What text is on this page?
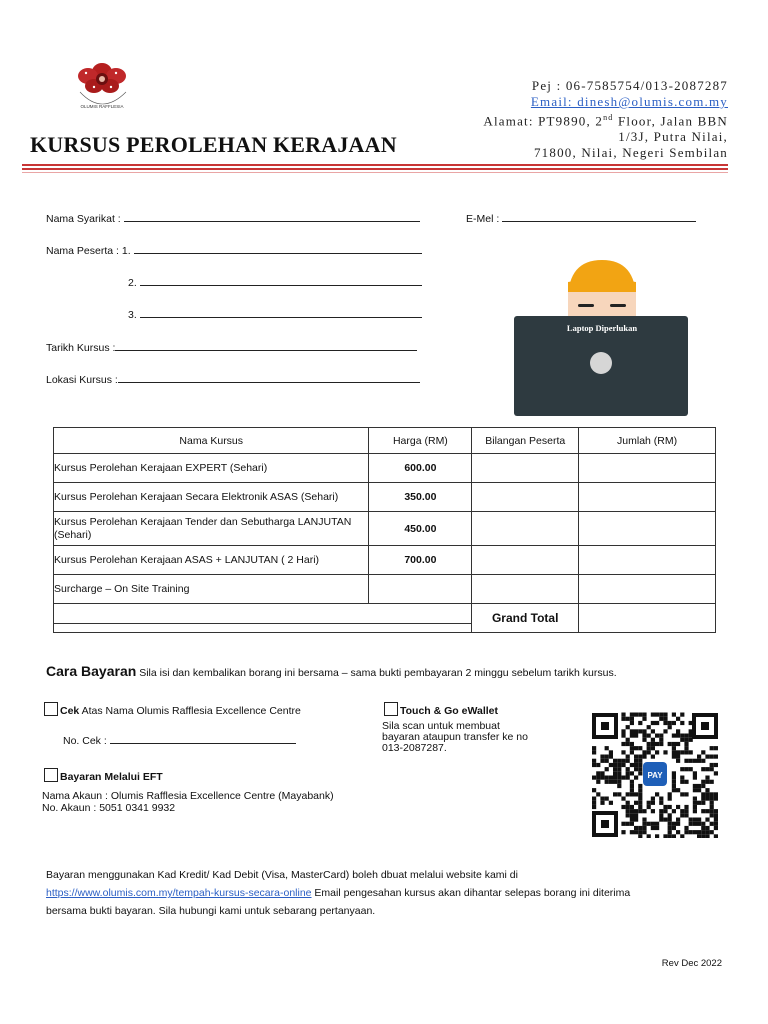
OLUMIS RAFFLESIA
KURSUS PEROLEHAN KERAJAAN
Pej : 06-7585754/013-2087287
Email: dinesh@olumis.com.my
Alamat: PT9890, 2nd Floor, Jalan BBN
1/3J, Putra Nilai,
71800, Nilai, Negeri Sembilan
Nama Syarikat :	E-Mel :
Nama Peserta : 1.
2.
3.
Tarikh Kursus :
Lokasi Kursus :
Laptop Diperlukan
Nama Kursus	Harga (RM)	Bilangan Peserta	Jumlah (RM)
Kursus Perolehan Kerajaan EXPERT (Sehari)	600.00		
Kursus Perolehan Kerajaan Secara Elektronik ASAS (Sehari)	350.00		
Kursus Perolehan Kerajaan Tender dan Sebutharga LANJUTAN (Sehari)	450.00		
Kursus Perolehan Kerajaan ASAS + LANJUTAN ( 2 Hari)	700.00		
Surcharge – On Site Training			

Grand Total			

Cara Bayaran Sila isi dan kembalikan borang ini bersama – sama bukti pembayaran 2 minggu sebelum tarikh kursus.
Cek Atas Nama Olumis Rafflesia Excellence Centre
No. Cek :
Bayaran Melalui EFT
Nama Akaun : Olumis Rafflesia Excellence Centre (Mayabank)
No. Akaun : 5051 0341 9932
Touch & Go eWallet
Sila scan untuk membuat
bayaran ataupun transfer ke no
013-2087287.
PAY
Bayaran menggunakan Kad Kredit/ Kad Debit (Visa, MasterCard) boleh dbuat melalui website kami di
https://www.olumis.com.my/tempah-kursus-secara-online Email pengesahan kursus akan dihantar selepas borang ini diterima
bersama bukti bayaran. Sila hubungi kami untuk sebarang pertanyaan.
Rev Dec 2022
